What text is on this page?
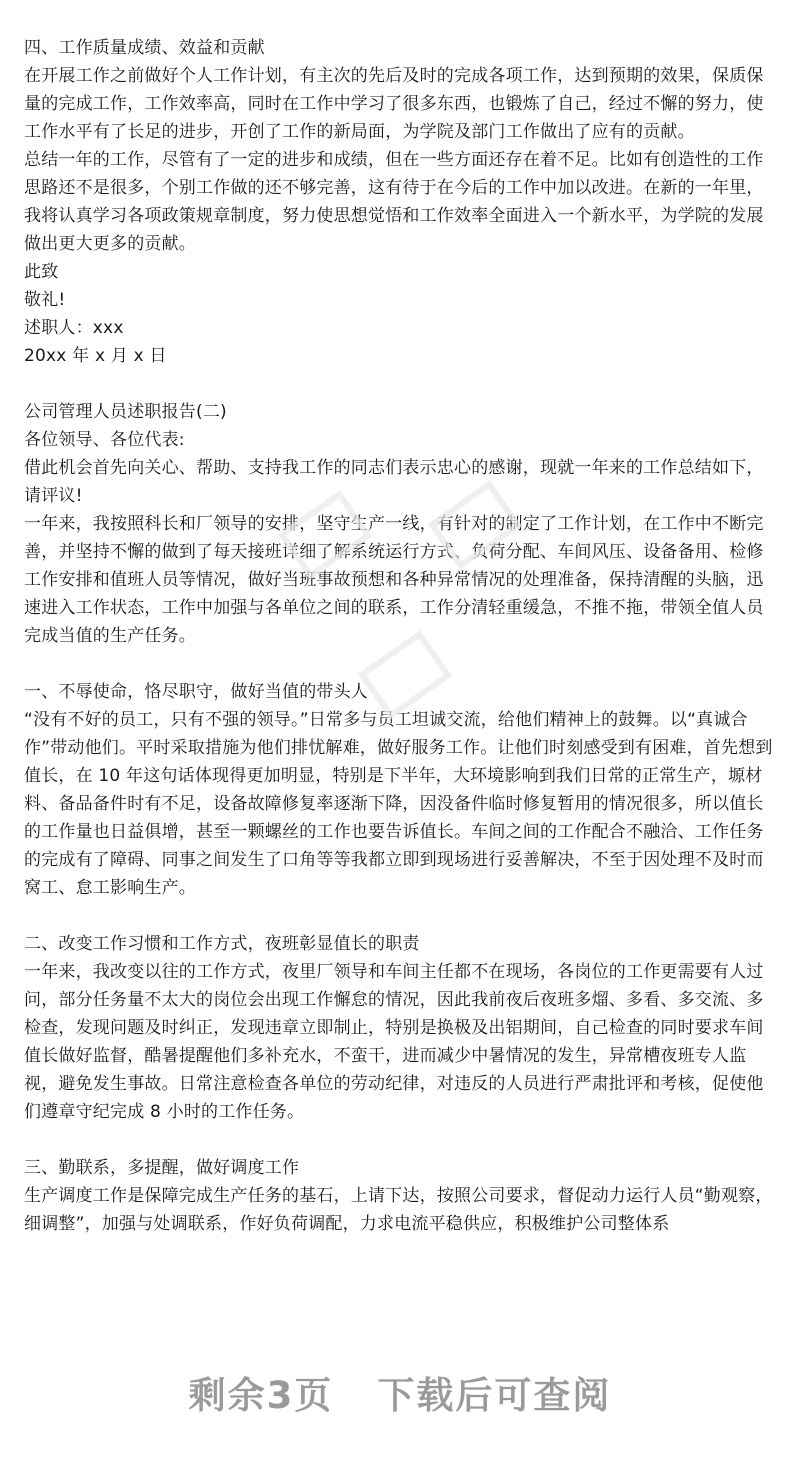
四、工作质量成绩、效益和贡献

在开展工作之前做好个人工作计划，有主次的先后及时的完成各项工作，达到预期的效果，保质保量的完成工作，工作效率高，同时在工作中学习了很多东西，也锻炼了自己，经过不懈的努力，使工作水平有了长足的进步，开创了工作的新局面，为学院及部门工作做出了应有的贡献。

总结一年的工作，尽管有了一定的进步和成绩，但在一些方面还存在着不足。比如有创造性的工作思路还不是很多，个别工作做的还不够完善，这有待于在今后的工作中加以改进。在新的一年里，我将认真学习各项政策规章制度，努力使思想觉悟和工作效率全面进入一个新水平，为学院的发展做出更大更多的贡献。

此致

敬礼!

述职人：xxx

20xx 年 x 月 x 日

公司管理人员述职报告(二)

各位领导、各位代表:

借此机会首先向关心、帮助、支持我工作的同志们表示忠心的感谢，现就一年来的工作总结如下，请评议!

一年来，我按照科长和厂领导的安排，坚守生产一线，有针对的制定了工作计划，在工作中不断完善，并坚持不懈的做到了每天接班详细了解系统运行方式、负荷分配、车间风压、设备备用、检修工作安排和值班人员等情况，做好当班事故预想和各种异常情况的处理准备，保持清醒的头脑，迅速进入工作状态，工作中加强与各单位之间的联系，工作分清轻重缓急，不推不拖，带领全值人员完成当值的生产任务。

一、不辱使命，恪尽职守，做好当值的带头人

“没有不好的员工，只有不强的领导。”日常多与员工坦诚交流，给他们精神上的鼓舞。以“真诚合作”带动他们。平时采取措施为他们排忧解难，做好服务工作。让他们时刻感受到有困难，首先想到值长，在 10 年这句话体现得更加明显，特别是下半年，大环境影响到我们日常的正常生产，塬材料、备品备件时有不足，设备故障修复率逐渐下降，因没备件临时修复暂用的情况很多，所以值长的工作量也日益俱增，甚至一颗螺丝的工作也要告诉值长。车间之间的工作配合不融洽、工作任务的完成有了障碍、同事之间发生了口角等等我都立即到现场进行妥善解决，不至于因处理不及时而窝工、怠工影响生产。

二、改变工作习惯和工作方式，夜班彰显值长的职责

一年来，我改变以往的工作方式，夜里厂领导和车间主任都不在现场，各岗位的工作更需要有人过问，部分任务量不太大的岗位会出现工作懈怠的情况，因此我前夜后夜班多熘、多看、多交流、多检查，发现问题及时纠正，发现违章立即制止，特别是换极及出铝期间，自己检查的同时要求车间值长做好监督，酷暑提醒他们多补充水，不蛮干，进而减少中暑情况的发生，异常槽夜班专人监视，避免发生事故。日常注意检查各单位的劳动纪律，对违反的人员进行严肃批评和考核，促使他们遵章守纪完成 8 小时的工作任务。

三、勤联系，多提醒，做好调度工作

生产调度工作是保障完成生产任务的基石，上请下达，按照公司要求，督促动力运行人员“勤观察，细调整”，加强与处调联系，作好负荷调配，力求电流平稳供应，积极维护公司整体系

剩余3页 下载后可查阅
